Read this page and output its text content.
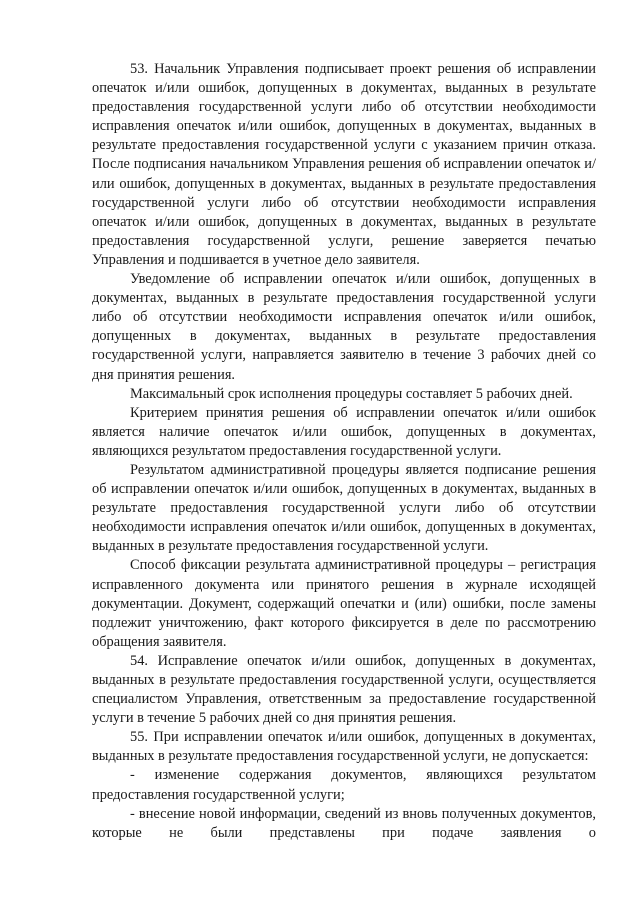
53. Начальник Управления подписывает проект решения об исправлении опечаток и/или ошибок, допущенных в документах, выданных в результате предоставления государственной услуги либо об отсутствии необходимости исправления опечаток и/или ошибок, допущенных в документах, выданных в результате предоставления государственной услуги с указанием причин отказа. После подписания начальником Управления решения об исправлении опечаток и/или ошибок, допущенных в документах, выданных в результате предоставления государственной услуги либо об отсутствии необходимости исправления опечаток и/или ошибок, допущенных в документах, выданных в результате предоставления государственной услуги, решение заверяется печатью Управления и подшивается в учетное дело заявителя.

Уведомление об исправлении опечаток и/или ошибок, допущенных в документах, выданных в результате предоставления государственной услуги либо об отсутствии необходимости исправления опечаток и/или ошибок, допущенных в документах, выданных в результате предоставления государственной услуги, направляется заявителю в течение 3 рабочих дней со дня принятия решения.

Максимальный срок исполнения процедуры составляет 5 рабочих дней.

Критерием принятия решения об исправлении опечаток и/или ошибок является наличие опечаток и/или ошибок, допущенных в документах, являющихся результатом предоставления государственной услуги.

Результатом административной процедуры является подписание решения об исправлении опечаток и/или ошибок, допущенных в документах, выданных в результате предоставления государственной услуги либо об отсутствии необходимости исправления опечаток и/или ошибок, допущенных в документах, выданных в результате предоставления государственной услуги.

Способ фиксации результата административной процедуры – регистрация исправленного документа или принятого решения в журнале исходящей документации. Документ, содержащий опечатки и (или) ошибки, после замены подлежит уничтожению, факт которого фиксируется в деле по рассмотрению обращения заявителя.

54. Исправление опечаток и/или ошибок, допущенных в документах, выданных в результате предоставления государственной услуги, осуществляется специалистом Управления, ответственным за предоставление государственной услуги в течение 5 рабочих дней со дня принятия решения.

55. При исправлении опечаток и/или ошибок, допущенных в документах, выданных в результате предоставления государственной услуги, не допускается:

- изменение содержания документов, являющихся результатом предоставления государственной услуги;

- внесение новой информации, сведений из вновь полученных документов, которые не были представлены при подаче заявления о
